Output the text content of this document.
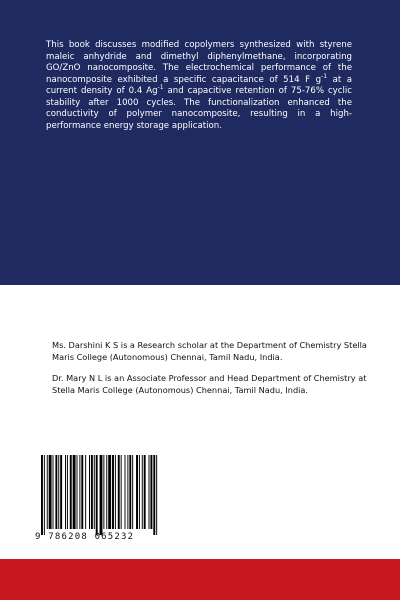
This book discusses modified copolymers synthesized with styrene maleic anhydride and dimethyl diphenylmethane, incorporating GO/ZnO nanocomposite. The electrochemical performance of the nanocomposite exhibited a specific capacitance of 514 F $g^{-1}$ at a current density of 0.4 $Ag^{-1}$ and capacitive retention of 75-76% cyclic stability after 1000 cycles. The functionalization enhanced the conductivity of polymer nanocomposite, resulting in a high-performance energy storage application.

Ms. Darshini K S is a Research scholar at the Department of Chemistry Stella Maris College (Autonomous) Chennai, Tamil Nadu, India.

Dr. Mary N L is an Associate Professor and Head Department of Chemistry at Stella Maris College (Autonomous) Chennai, Tamil Nadu, India.

9 786208 065232
